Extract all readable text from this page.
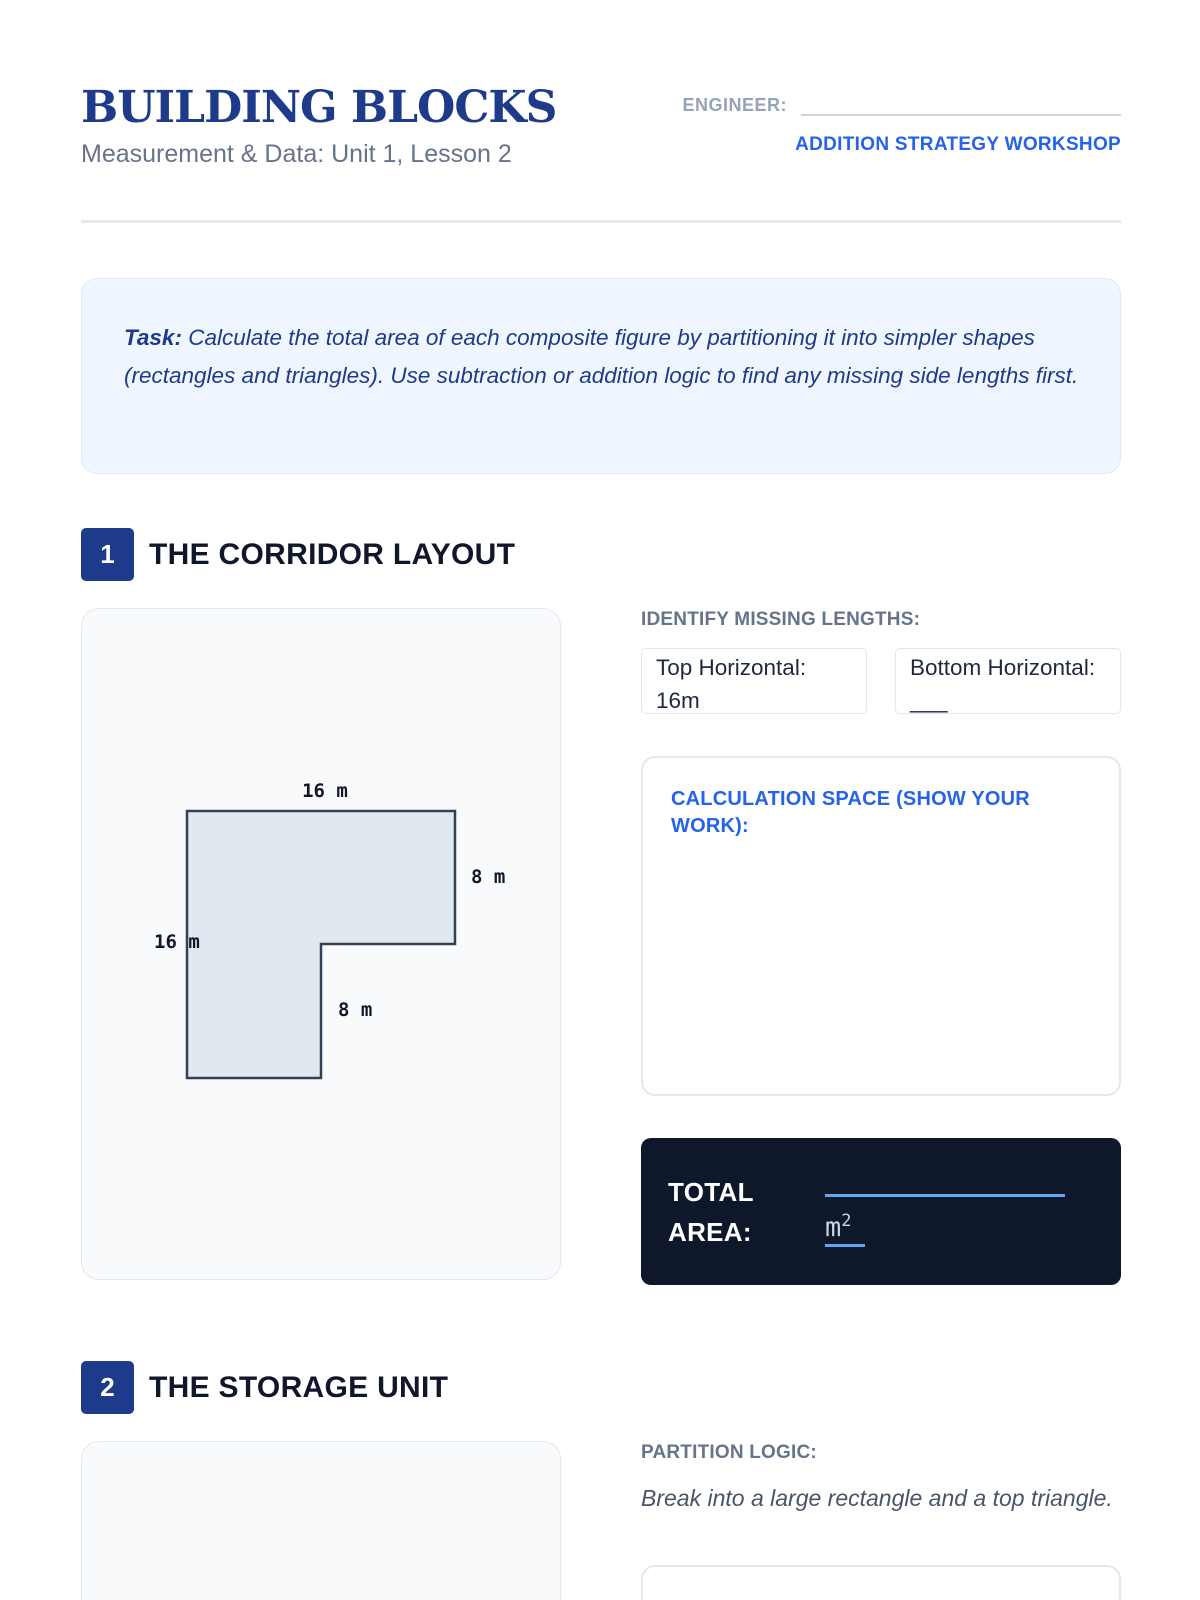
BUILDING BLOCKS
Measurement & Data: Unit 1, Lesson 2
ENGINEER:
ADDITION STRATEGY WORKSHOP

Task: Calculate the total area of each composite figure by partitioning it into simpler shapes (rectangles and triangles). Use subtraction or addition logic to find any missing side lengths first.

1	THE CORRIDOR LAYOUT
16 m
8 m
16 m
8 m
IDENTIFY MISSING LENGTHS:
Top Horizontal: 16m
Bottom Horizontal: ___
CALCULATION SPACE (SHOW YOUR WORK):
TOTAL AREA:	$m^2$
2	THE STORAGE UNIT
PARTITION LOGIC:
Break into a large rectangle and a top triangle.
